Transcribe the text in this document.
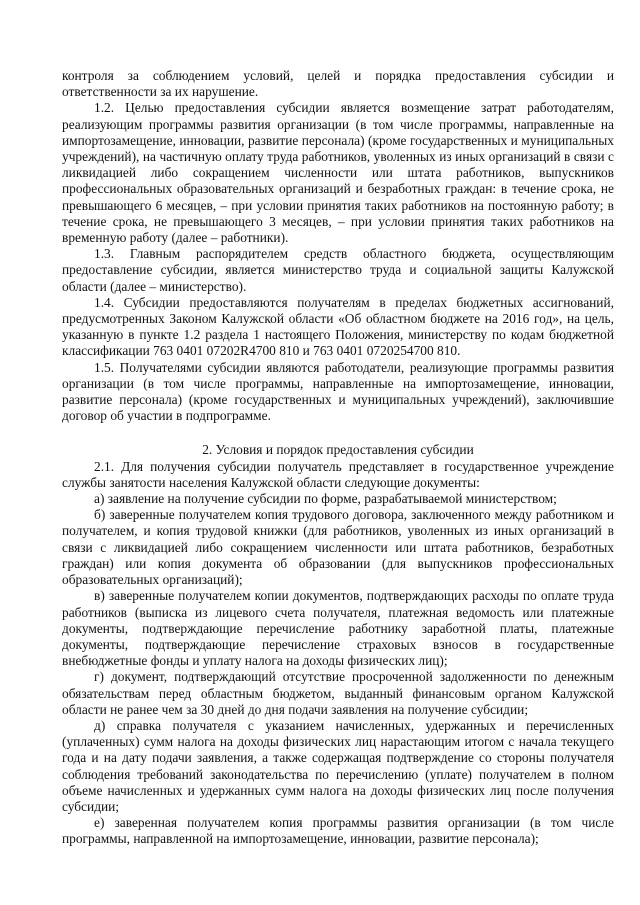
контроля за соблюдением условий, целей и порядка предоставления субсидии и ответственности за их нарушение.

1.2. Целью предоставления субсидии является возмещение затрат работодателям, реализующим программы развития организации (в том числе программы, направленные на импортозамещение, инновации, развитие персонала) (кроме государственных и муниципальных учреждений), на частичную оплату труда работников, уволенных из иных организаций в связи с ликвидацией либо сокращением численности или штата работников, выпускников профессиональных образовательных организаций и безработных граждан: в течение срока, не превышающего 6 месяцев, – при условии принятия таких работников на постоянную работу; в течение срока, не превышающего 3 месяцев, – при условии принятия таких работников на временную работу (далее – работники).

1.3. Главным распорядителем средств областного бюджета, осуществляющим предоставление субсидии, является министерство труда и социальной защиты Калужской области (далее – министерство).

1.4. Субсидии предоставляются получателям в пределах бюджетных ассигнований, предусмотренных Законом Калужской области «Об областном бюджете на 2016 год», на цель, указанную в пункте 1.2 раздела 1 настоящего Положения, министерству по кодам бюджетной классификации 763 0401 07202R4700 810 и 763 0401 0720254700 810.

1.5. Получателями субсидии являются работодатели, реализующие программы развития организации (в том числе программы, направленные на импортозамещение, инновации, развитие персонала) (кроме государственных и муниципальных учреждений), заключившие договор об участии в подпрограмме.

2. Условия и порядок предоставления субсидии

2.1. Для получения субсидии получатель представляет в государственное учреждение службы занятости населения Калужской области следующие документы:

а) заявление на получение субсидии по форме, разрабатываемой министерством;

б) заверенные получателем копия трудового договора, заключенного между работником и получателем, и копия трудовой книжки (для работников, уволенных из иных организаций в связи с ликвидацией либо сокращением численности или штата работников, безработных граждан) или копия документа об образовании (для выпускников профессиональных образовательных организаций);

в) заверенные получателем копии документов, подтверждающих расходы по оплате труда работников (выписка из лицевого счета получателя, платежная ведомость или платежные документы, подтверждающие перечисление работнику заработной платы, платежные документы, подтверждающие перечисление страховых взносов в государственные внебюджетные фонды и уплату налога на доходы физических лиц);

г) документ, подтверждающий отсутствие просроченной задолженности по денежным обязательствам перед областным бюджетом, выданный финансовым органом Калужской области не ранее чем за 30 дней до дня подачи заявления на получение субсидии;

д) справка получателя с указанием начисленных, удержанных и перечисленных (уплаченных) сумм налога на доходы физических лиц нарастающим итогом с начала текущего года и на дату подачи заявления, а также содержащая подтверждение со стороны получателя соблюдения требований законодательства по перечислению (уплате) получателем в полном объеме начисленных и удержанных сумм налога на доходы физических лиц после получения субсидии;

е) заверенная получателем копия программы развития организации (в том числе программы, направленной на импортозамещение, инновации, развитие персонала);
